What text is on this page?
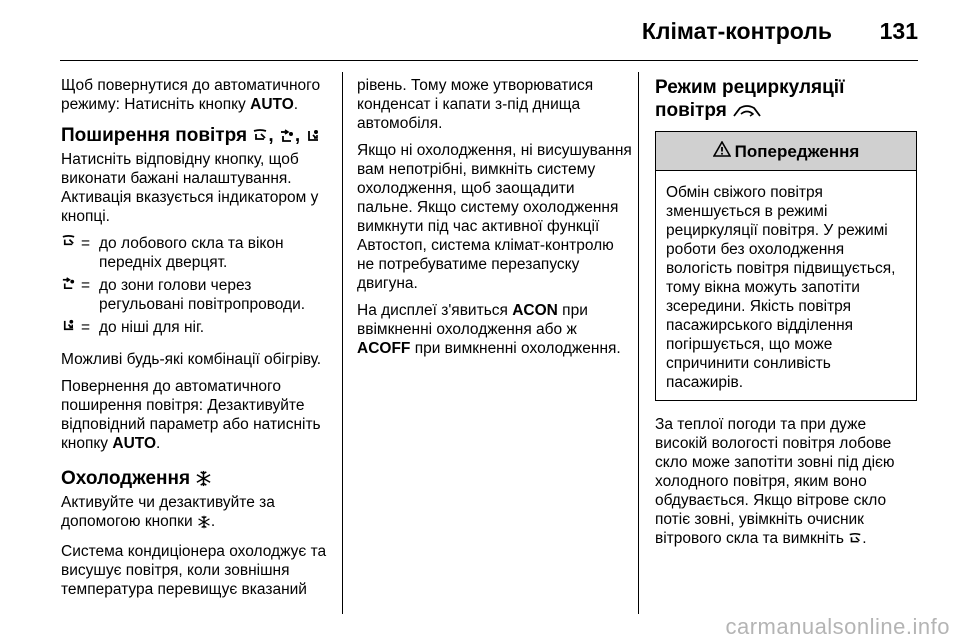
Клімат-контроль 131

Щоб повернутися до автоматичного режиму: Натисніть кнопку AUTO.

Поширення повітря , ,

Натисніть відповідну кнопку, щоб виконати бажані налаштування. Активація вказується індикатором у кнопці.

= до лобового скла та вікон передніх дверцят.
= до зони голови через регульовані повітропроводи.
= до ніші для ніг.

Можливі будь-які комбінації обігріву.

Повернення до автоматичного поширення повітря: Дезактивуйте відповідний параметр або натисніть кнопку AUTO.

Охолодження

Активуйте чи дезактивуйте за допомогою кнопки .

Система кондиціонера охолоджує та висушує повітря, коли зовнішня температура перевищує вказаний

рівень. Тому може утворюватися конденсат і капати з-під днища автомобіля.

Якщо ні охолодження, ні висушування вам непотрібні, вимкніть систему охолодження, щоб заощадити пальне. Якщо систему охолодження вимкнути під час активної функції Автостоп, система клімат-контролю не потребуватиме перезапуску двигуна.

На дисплеї з'явиться ACON при ввімкненні охолодження або ж ACOFF при вимкненні охолодження.

Режим рециркуляції повітря
Попередження
Обмін свіжого повітря зменшується в режимі рециркуляції повітря. У режимі роботи без охолодження вологість повітря підвищується, тому вікна можуть запотіти зсередини. Якість повітря пасажирського відділення погіршується, що може спричинити сонливість пасажирів.

За теплої погоди та при дуже високій вологості повітря лобове скло може запотіти зовні під дією холодного повітря, яким воно обдувається. Якщо вітрове скло потіє зовні, увімкніть очисник вітрового скла та вимкніть .

carmanualsonline.info
